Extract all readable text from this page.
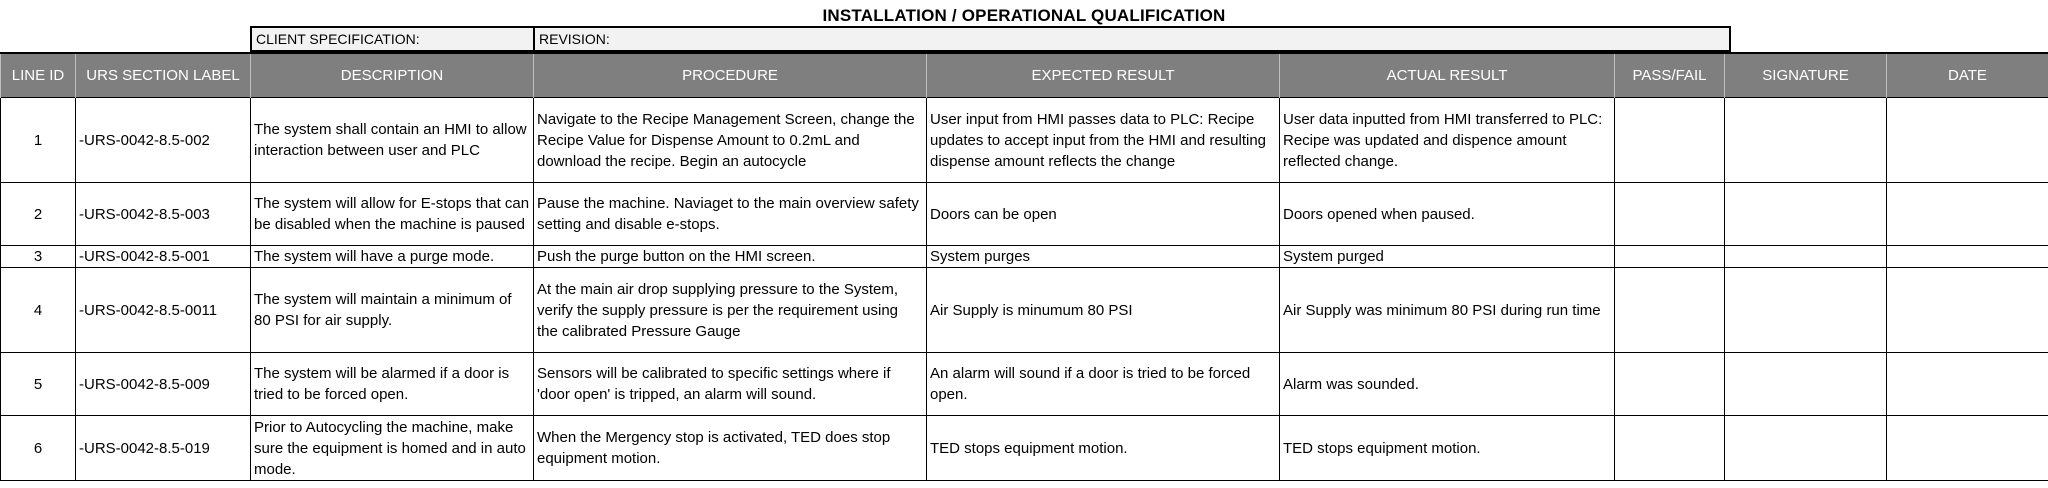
INSTALLATION / OPERATIONAL QUALIFICATION
CLIENT SPECIFICATION:	REVISION:
LINE ID	URS SECTION LABEL	DESCRIPTION	PROCEDURE	EXPECTED RESULT	ACTUAL RESULT	PASS/FAIL	SIGNATURE	DATE
1	-URS-0042-8.5-002	The system shall contain an HMI to allow interaction between user and PLC	Navigate to the Recipe Management Screen, change the Recipe Value for Dispense Amount to 0.2mL and download the recipe. Begin an autocycle	User input from HMI passes data to PLC: Recipe updates to accept input from the HMI and resulting dispense amount reflects the change	User data inputted from HMI transferred to PLC: Recipe was updated and dispence amount reflected change.			
2	-URS-0042-8.5-003	The system will allow for E-stops that can be disabled when the machine is paused	Pause the machine. Naviaget to the main overview safety setting and disable e-stops.	Doors can be open	Doors opened when paused.			
3	-URS-0042-8.5-001	The system will have a purge mode.	Push the purge button on the HMI screen.	System purges	System purged			
4	-URS-0042-8.5-0011	The system will maintain a minimum of 80 PSI for air supply.	At the main air drop supplying pressure to the System, verify the supply pressure is per the requirement using the calibrated Pressure Gauge	Air Supply is minumum 80 PSI	Air Supply was minimum 80 PSI during run time			
5	-URS-0042-8.5-009	The system will be alarmed if a door is tried to be forced open.	Sensors will be calibrated to specific settings where if 'door open' is tripped, an alarm will sound.	An alarm will sound if a door is tried to be forced open.	Alarm was sounded.			
6	-URS-0042-8.5-019	Prior to Autocycling the machine, make sure the equipment is homed and in auto mode.	When the Mergency stop is activated, TED does stop equipment motion.	TED stops equipment motion.	TED stops equipment motion.			
